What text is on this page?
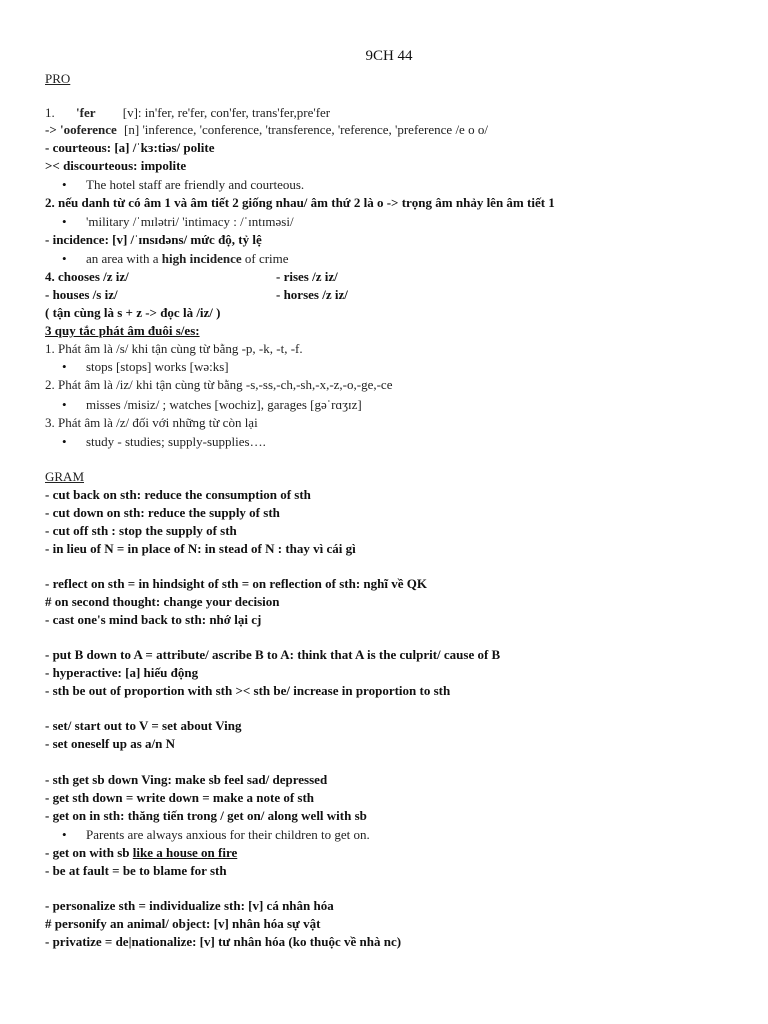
9CH 44
PRO
1. 'fer [v]: in'fer, re'fer, con'fer, trans'fer,pre'fer
-> 'ooference [n] 'inference, 'conference, 'transference, 'reference, 'preference /e o o/
- courteous: [a] /ˈkɜ:tiəs/ polite
>< discourteous: impolite
• The hotel staff are friendly and courteous.
2. nếu danh từ có âm 1 và âm tiết 2 giống nhau/ âm thứ 2 là o -> trọng âm nhảy lên âm tiết 1
• 'military /ˈmɪlətri/ 'intimacy : /ˈɪntɪməsi/
- incidence: [v] /ˈɪnsɪdəns/ mức độ, tỷ lệ
• an area with a high incidence of crime
4. chooses /z iz/	- rises /z iz/
- houses /s iz/	- horses /z iz/
( tận cùng là s + z -> đọc là /iz/ )
3 quy tắc phát âm đuôi s/es:
1. Phát âm là /s/ khi tận cùng từ bằng -p, -k, -t, -f.
• stops [stops] works [wə:ks]
2. Phát âm là /iz/ khi tận cùng từ bằng -s,-ss,-ch,-sh,-x,-z,-o,-ge,-ce
• misses /misiz/ ; watches [wochiz], garages [gəˈrɑʒɪz]
3. Phát âm là /z/ đối với những từ còn lại
• study - studies; supply-supplies….
GRAM
- cut back on sth: reduce the consumption of sth
- cut down on sth: reduce the supply of sth
- cut off sth : stop the supply of sth
- in lieu of N = in place of N: in stead of N : thay vì cái gì
- reflect on sth = in hindsight of sth = on reflection of sth: nghĩ về QK
# on second thought: change your decision
- cast one's mind back to sth: nhớ lại cj
- put B down to A = attribute/ ascribe B to A: think that A is the culprit/ cause of B
- hyperactive: [a] hiếu động
- sth be out of proportion with sth >< sth be/ increase in proportion to sth
- set/ start out to V = set about Ving
- set oneself up as a/n N
- sth get sb down Ving: make sb feel sad/ depressed
- get sth down = write down = make a note of sth
- get on in sth: thăng tiến trong / get on/ along well with sb
• Parents are always anxious for their children to get on.
- get on with sb like a house on fire
- be at fault = be to blame for sth
- personalize sth = individualize sth: [v] cá nhân hóa
# personify an animal/ object: [v] nhân hóa sự vật
- privatize = de|nationalize: [v] tư nhân hóa (ko thuộc về nhà nc)
